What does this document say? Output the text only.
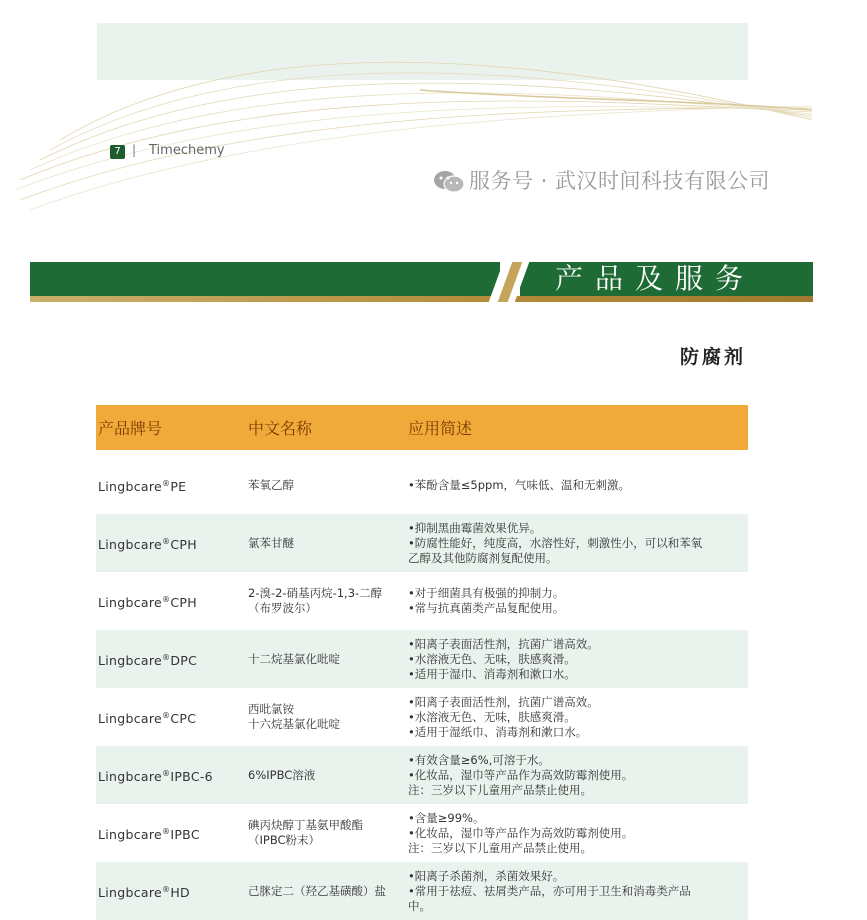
7 | Timechemy
服务号 · 武汉时间科技有限公司
产品及服务
防腐剂
产品牌号	中文名称	应用简述
Lingbcare®PE	苯氧乙醇	•苯酚含量≤5ppm，气味低、温和无刺激。

Lingbcare®CPH	氯苯甘醚	•抑制黑曲霉菌效果优异。
•防腐性能好，纯度高，水溶性好，刺激性小，可以和苯氧
乙醇及其他防腐剂复配使用。

Lingbcare®CPH	2-溴-2-硝基丙烷-1,3-二醇
（布罗波尔）	•对于细菌具有极强的抑制力。
•常与抗真菌类产品复配使用。

Lingbcare®DPC	十二烷基氯化吡啶	•阳离子表面活性剂，抗菌广谱高效。
•水溶液无色、无味，肤感爽滑。
•适用于湿巾、消毒剂和漱口水。

Lingbcare®CPC	西吡氯铵
十六烷基氯化吡啶	•阳离子表面活性剂，抗菌广谱高效。
•水溶液无色、无味，肤感爽滑。
•适用于湿纸巾、消毒剂和漱口水。

Lingbcare®IPBC-6	6%IPBC溶液	•有效含量≥6%,可溶于水。
•化妆品，湿巾等产品作为高效防霉剂使用。
注：三岁以下儿童用产品禁止使用。

Lingbcare®IPBC	碘丙炔醇丁基氨甲酸酯
（IPBC粉末）	•含量≥99%。
•化妆品，湿巾等产品作为高效防霉剂使用。
注：三岁以下儿童用产品禁止使用。

Lingbcare®HD	己脒定二（羟乙基磺酸）盐	•阳离子杀菌剂，杀菌效果好。
•常用于祛痘、祛屑类产品，亦可用于卫生和消毒类产品
中。
